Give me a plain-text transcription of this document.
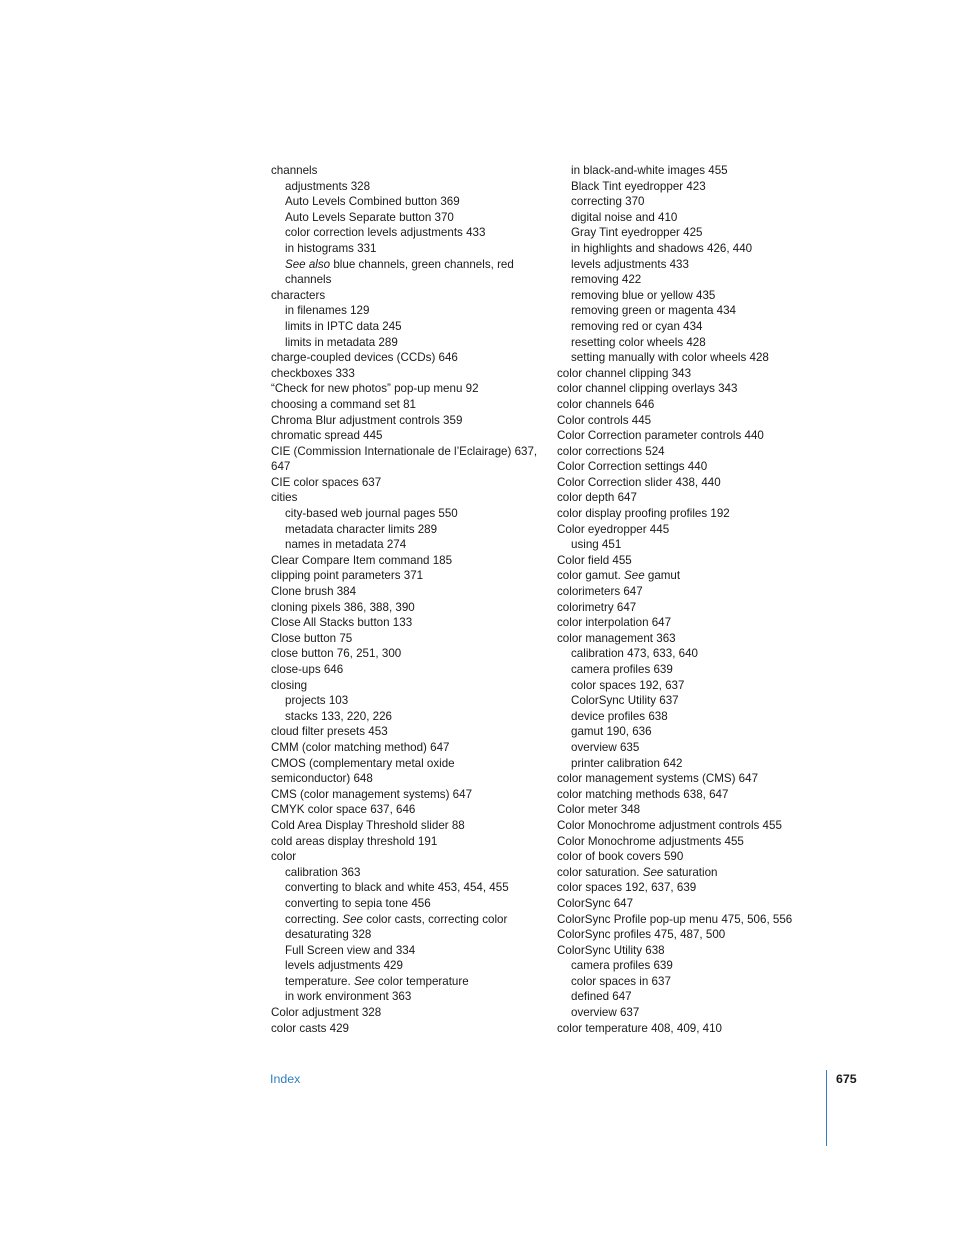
channels
adjustments 328
Auto Levels Combined button 369
Auto Levels Separate button 370
color correction levels adjustments 433
in histograms 331
See also blue channels, green channels, red
channels
characters
in filenames 129
limits in IPTC data 245
limits in metadata 289
charge-coupled devices (CCDs) 646
checkboxes 333
“Check for new photos” pop-up menu 92
choosing a command set 81
Chroma Blur adjustment controls 359
chromatic spread 445
CIE (Commission Internationale de l’Eclairage) 637,
647
CIE color spaces 637
cities
city-based web journal pages 550
metadata character limits 289
names in metadata 274
Clear Compare Item command 185
clipping point parameters 371
Clone brush 384
cloning pixels 386, 388, 390
Close All Stacks button 133
Close button 75
close button 76, 251, 300
close-ups 646
closing
projects 103
stacks 133, 220, 226
cloud filter presets 453
CMM (color matching method) 647
CMOS (complementary metal oxide
semiconductor) 648
CMS (color management systems) 647
CMYK color space 637, 646
Cold Area Display Threshold slider 88
cold areas display threshold 191
color
calibration 363
converting to black and white 453, 454, 455
converting to sepia tone 456
correcting. See color casts, correcting color
desaturating 328
Full Screen view and 334
levels adjustments 429
temperature. See color temperature
in work environment 363
Color adjustment 328
color casts 429
in black-and-white images 455
Black Tint eyedropper 423
correcting 370
digital noise and 410
Gray Tint eyedropper 425
in highlights and shadows 426, 440
levels adjustments 433
removing 422
removing blue or yellow 435
removing green or magenta 434
removing red or cyan 434
resetting color wheels 428
setting manually with color wheels 428
color channel clipping 343
color channel clipping overlays 343
color channels 646
Color controls 445
Color Correction parameter controls 440
color corrections 524
Color Correction settings 440
Color Correction slider 438, 440
color depth 647
color display proofing profiles 192
Color eyedropper 445
using 451
Color field 455
color gamut. See gamut
colorimeters 647
colorimetry 647
color interpolation 647
color management 363
calibration 473, 633, 640
camera profiles 639
color spaces 192, 637
ColorSync Utility 637
device profiles 638
gamut 190, 636
overview 635
printer calibration 642
color management systems (CMS) 647
color matching methods 638, 647
Color meter 348
Color Monochrome adjustment controls 455
Color Monochrome adjustments 455
color of book covers 590
color saturation. See saturation
color spaces 192, 637, 639
ColorSync 647
ColorSync Profile pop-up menu 475, 506, 556
ColorSync profiles 475, 487, 500
ColorSync Utility 638
camera profiles 639
color spaces in 637
defined 647
overview 637
color temperature 408, 409, 410
Index	675
